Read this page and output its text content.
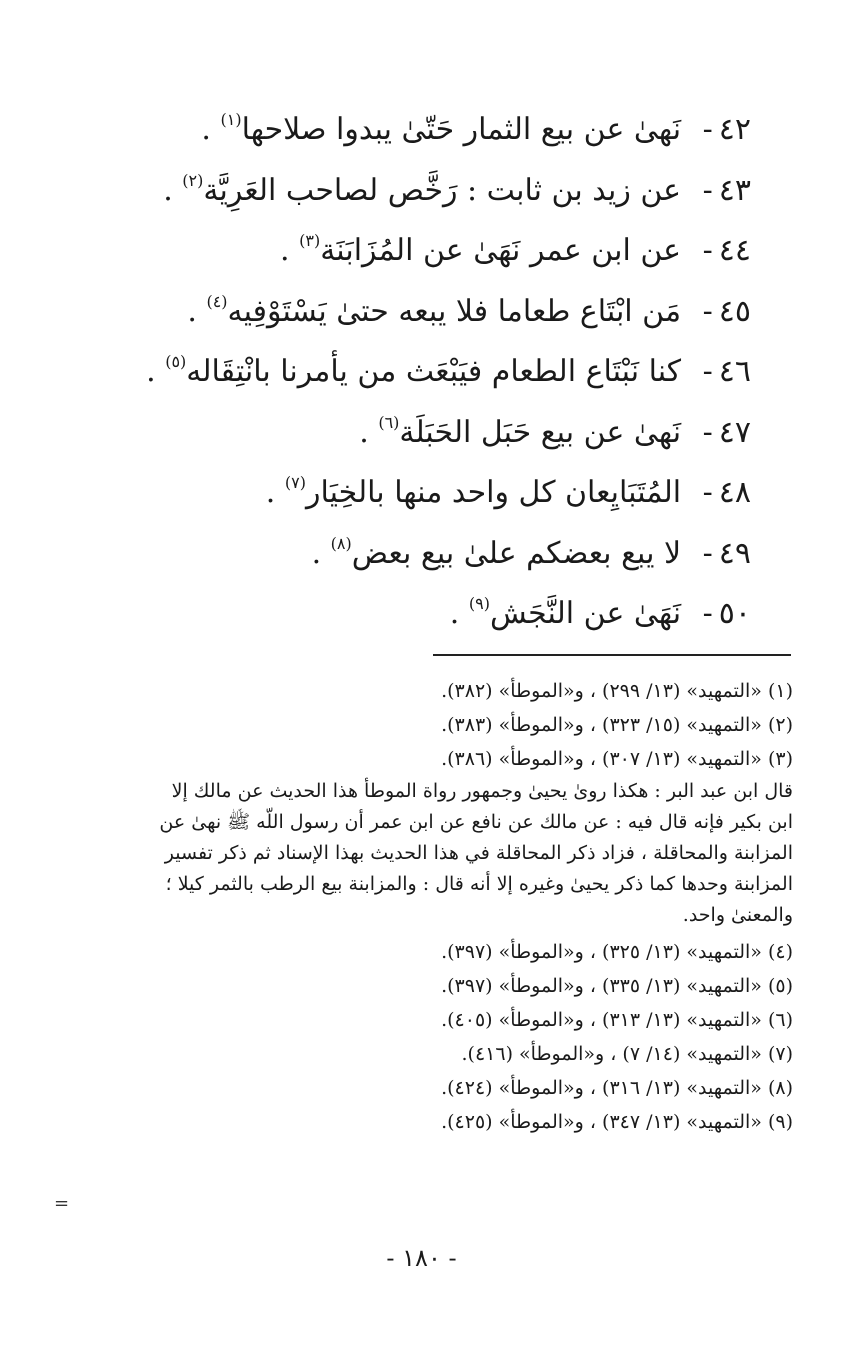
٤٢- نَهىٰ عن بيع الثمار حَتّىٰ يبدوا صلاحها$^{(١)}$ .
٤٣- عن زيد بن ثابت : رَخَّص لصاحب العَرِيَّة$^{(٢)}$ .
٤٤- عن ابن عمر نَهَىٰ عن المُزَابَنَة$^{(٣)}$ .
٤٥- مَن ابْتَاع طعاما فلا يبعه حتىٰ يَسْتَوْفِيه$^{(٤)}$ .
٤٦- كنا نَبْتَاع الطعام فيَبْعَث من يأمرنا بانْتِقَاله$^{(٥)}$ .
٤٧- نَهىٰ عن بيع حَبَل الحَبَلَة$^{(٦)}$ .
٤٨- المُتَبَايِعان كل واحد منها بالخِيَار$^{(٧)}$ .
٤٩- لا يبع بعضكم علىٰ بيع بعض$^{(٨)}$ .
٥٠- نَهَىٰ عن النَّجَش$^{(٩)}$ .
(١) «التمهيد» (١٣/ ٢٩٩) ، و«الموطأ» (٣٨٢).
(٢) «التمهيد» (١٥/ ٣٢٣) ، و«الموطأ» (٣٨٣).
(٣) «التمهيد» (١٣/ ٣٠٧) ، و«الموطأ» (٣٨٦).
قال ابن عبد البر : هكذا روىٰ يحيىٰ وجمهور رواة الموطأ هذا الحديث عن مالك إلا
ابن بكير فإنه قال فيه : عن مالك عن نافع عن ابن عمر أن رسول اللّه ﷺ نهىٰ عن
المزابنة والمحاقلة ، فزاد ذكر المحاقلة في هذا الحديث بهذا الإسناد ثم ذكر تفسير
المزابنة وحدها كما ذكر يحيىٰ وغيره إلا أنه قال : والمزابنة بيع الرطب بالثمر كيلا ؛
والمعنىٰ واحد.
(٤) «التمهيد» (١٣/ ٣٢٥) ، و«الموطأ» (٣٩٧).
(٥) «التمهيد» (١٣/ ٣٣٥) ، و«الموطأ» (٣٩٧).
(٦) «التمهيد» (١٣/ ٣١٣) ، و«الموطأ» (٤٠٥).
(٧) «التمهيد» (١٤/ ٧) ، و«الموطأ» (٤١٦).
(٨) «التمهيد» (١٣/ ٣١٦) ، و«الموطأ» (٤٢٤).
(٩) «التمهيد» (١٣/ ٣٤٧) ، و«الموطأ» (٤٢٥).
=
- ١٨٠ -
